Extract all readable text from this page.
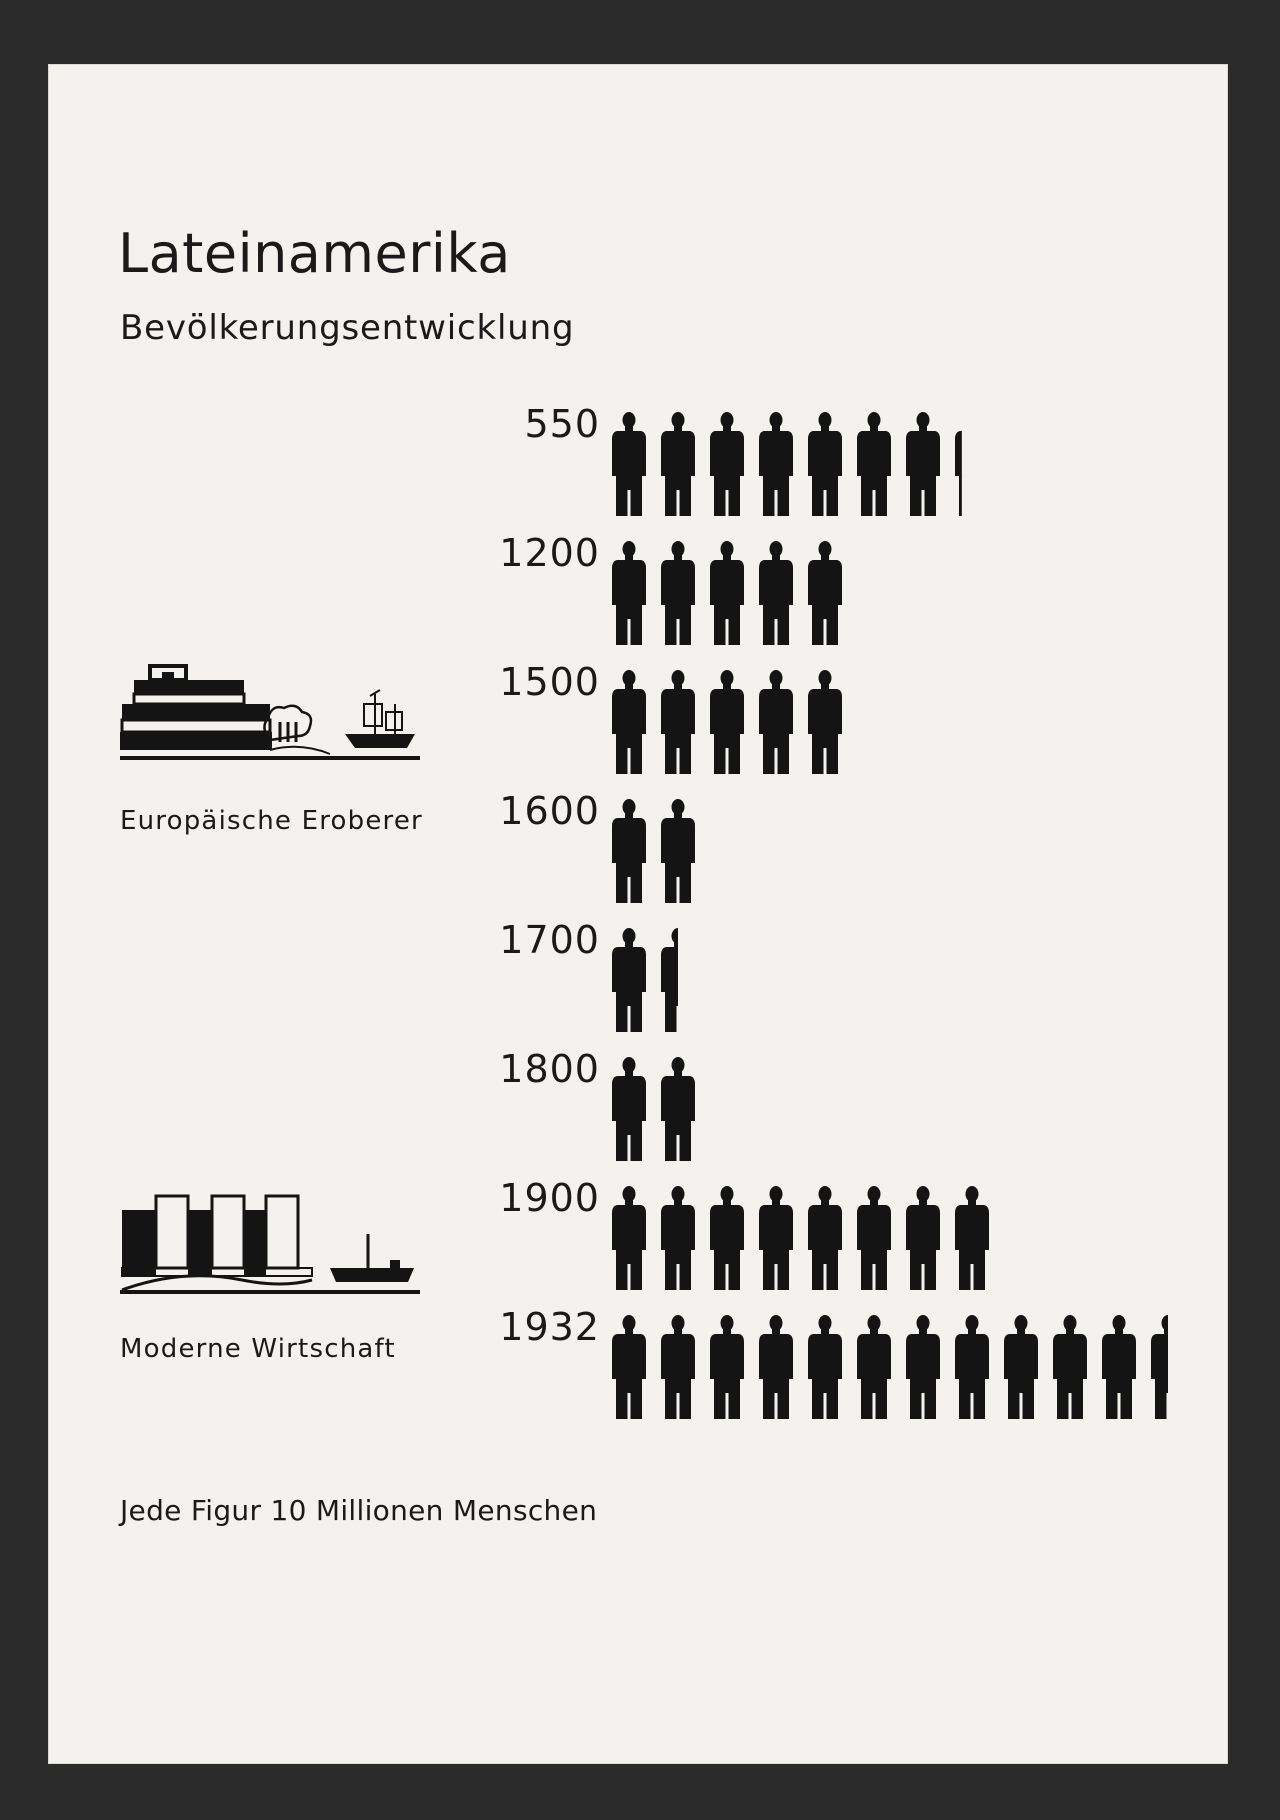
Lateinamerika
Bevölkerungsentwicklung
Europäische Eroberer
Moderne Wirtschaft
550
1200
1500
1600
1700
1800
1900
1932
Jede Figur 10 Millionen Menschen
